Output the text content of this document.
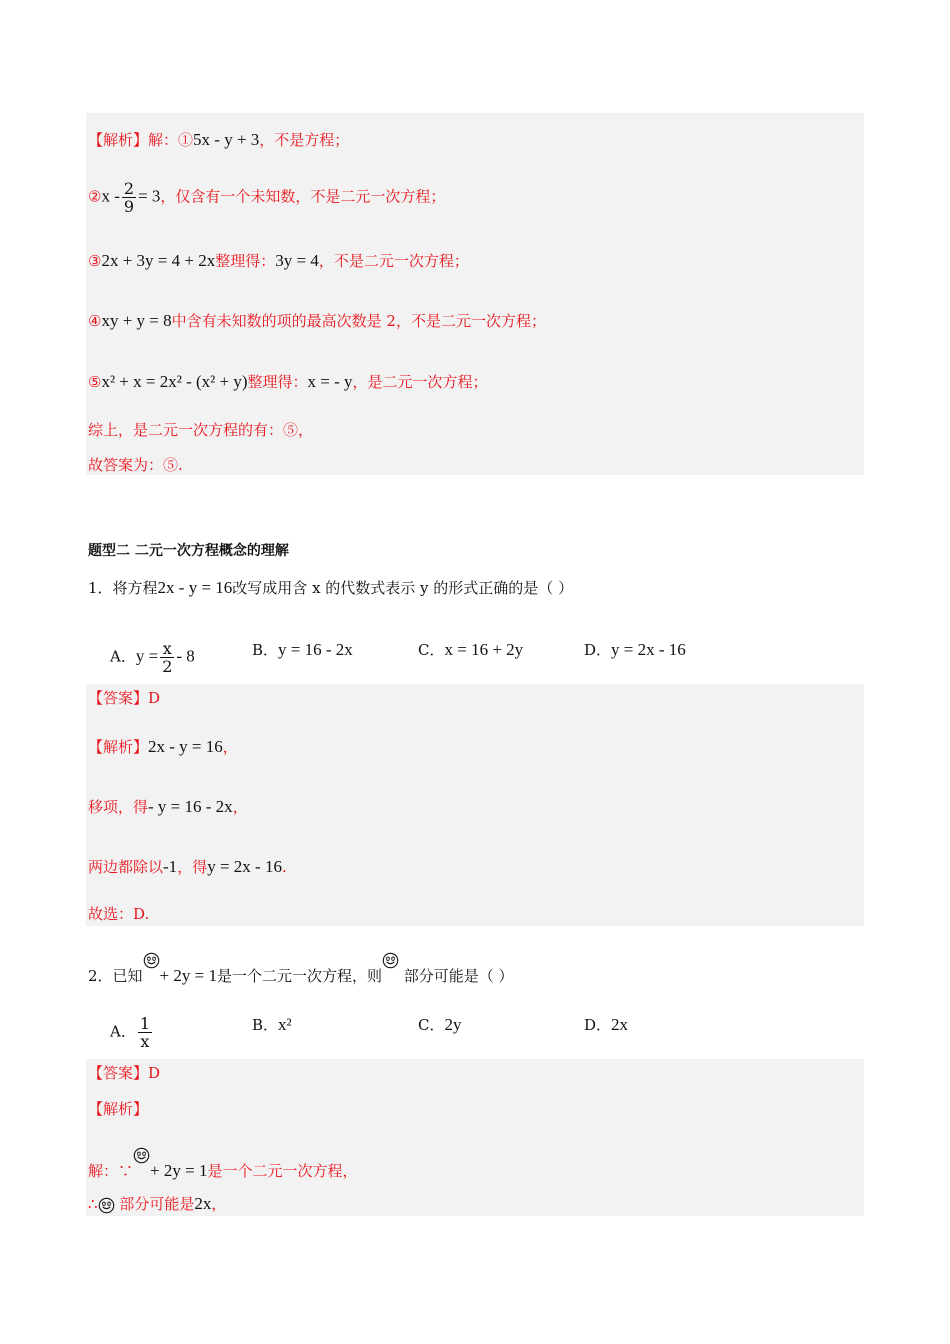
【解析】解：①5x - y + 3，不是方程；
②x - $\frac{2}{9} = 3$，仅含有一个未知数，不是二元一次方程；
③2x + 3y = 4 + 2x整理得：3y = 4，不是二元一次方程；
④xy + y = 8中含有未知数的项的最高次数是 2，不是二元一次方程；
⑤x² + x = 2x² - (x² + y)整理得：x = - y，是二元一次方程；
综上，是二元一次方程的有：⑤，
故答案为：⑤.
题型二 二元一次方程概念的理解
1．将方程2x - y = 16改写成用含 x 的代数式表示 y 的形式正确的是（ ）
A．$y = \frac{x}{2} - 8$	B．y = 16 - 2x	C．x = 16 + 2y	D．y = 2x - 16
【答案】D
【解析】2x - y = 16，
移项，得- y = 16 - 2x，
两边都除以-1，得y = 2x - 16.
故选：D.
2．已知 + 2y = 1是一个二元一次方程，则 部分可能是（ ）
A． $\frac{1}{x}$	B．x²	C．2y	D．2x
【答案】D
【解析】
解：∵ + 2y = 1是一个二元一次方程，
∴ 部分可能是2x，
